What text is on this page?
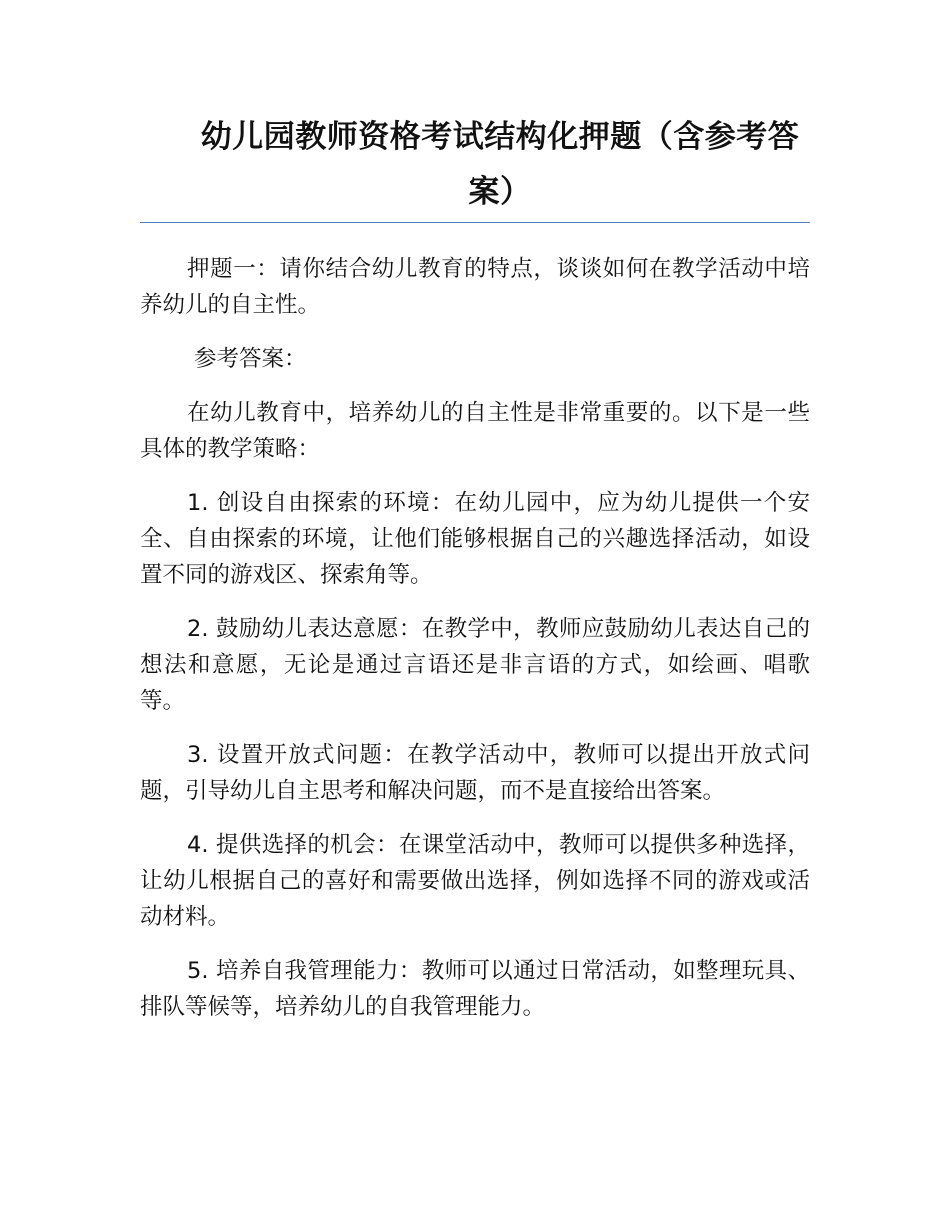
幼儿园教师资格考试结构化押题（含参考答案）

押题一：请你结合幼儿教育的特点，谈谈如何在教学活动中培养幼儿的自主性。

参考答案：

在幼儿教育中，培养幼儿的自主性是非常重要的。以下是一些具体的教学策略：

1. 创设自由探索的环境：在幼儿园中，应为幼儿提供一个安全、自由探索的环境，让他们能够根据自己的兴趣选择活动，如设置不同的游戏区、探索角等。

2. 鼓励幼儿表达意愿：在教学中，教师应鼓励幼儿表达自己的想法和意愿，无论是通过言语还是非言语的方式，如绘画、唱歌等。

3. 设置开放式问题：在教学活动中，教师可以提出开放式问题，引导幼儿自主思考和解决问题，而不是直接给出答案。

4. 提供选择的机会：在课堂活动中，教师可以提供多种选择，让幼儿根据自己的喜好和需要做出选择，例如选择不同的游戏或活动材料。

5. 培养自我管理能力：教师可以通过日常活动，如整理玩具、排队等候等，培养幼儿的自我管理能力。
